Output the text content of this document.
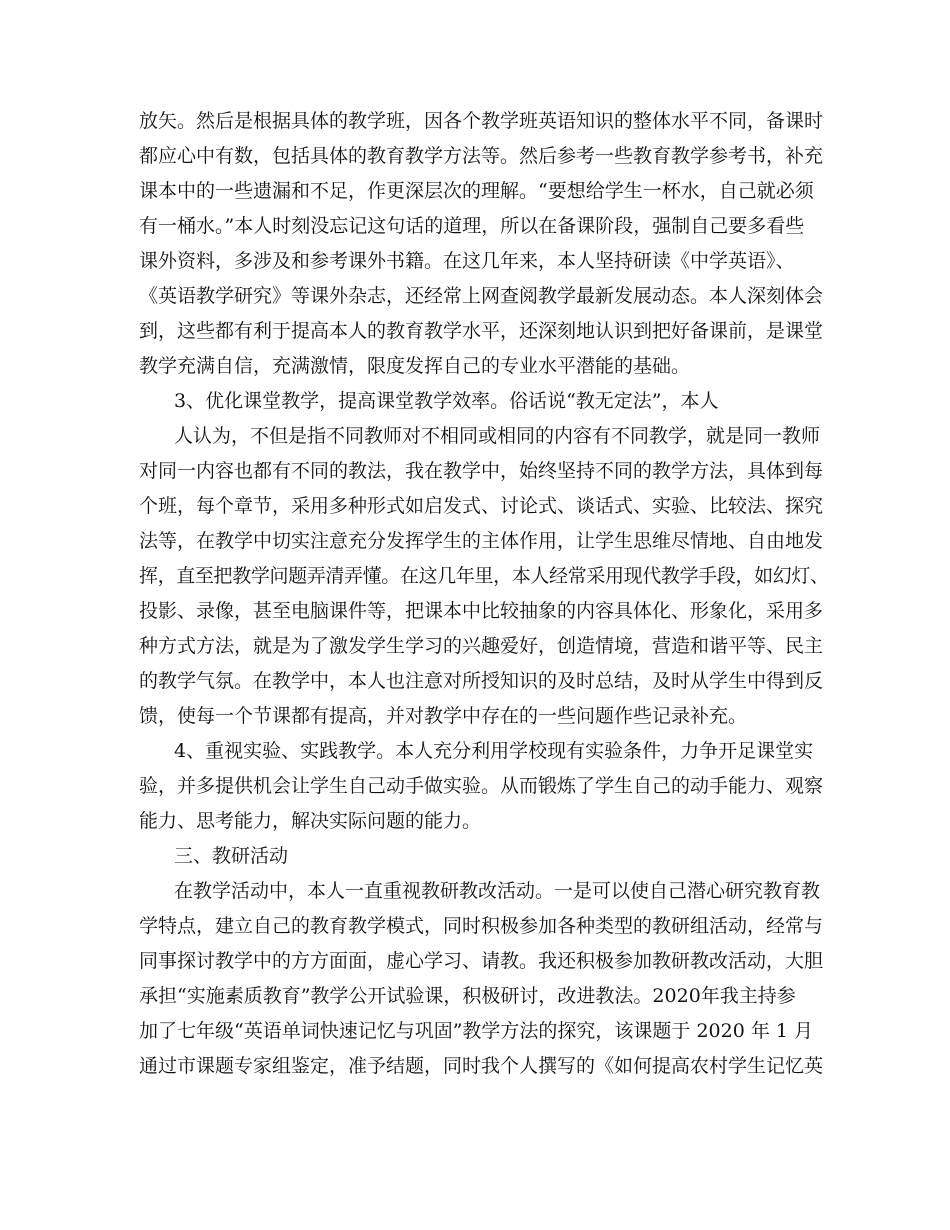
放矢。然后是根据具体的教学班，因各个教学班英语知识的整体水平不同，备课时
都应心中有数，包括具体的教育教学方法等。然后参考一些教育教学参考书，补充
课本中的一些遗漏和不足，作更深层次的理解。“要想给学生一杯水，自己就必须
有一桶水。”本人时刻没忘记这句话的道理，所以在备课阶段，强制自己要多看些
课外资料，多涉及和参考课外书籍。在这几年来，本人坚持研读《中学英语》、
《英语教学研究》等课外杂志，还经常上网查阅教学最新发展动态。本人深刻体会
到，这些都有利于提高本人的教育教学水平，还深刻地认识到把好备课前，是课堂
教学充满自信，充满激情，限度发挥自己的专业水平潜能的基础。
3、优化课堂教学，提高课堂教学效率。俗话说“教无定法”，本人
人认为，不但是指不同教师对不相同或相同的内容有不同教学，就是同一教师
对同一内容也都有不同的教法，我在教学中，始终坚持不同的教学方法，具体到每
个班，每个章节，采用多种形式如启发式、讨论式、谈话式、实验、比较法、探究
法等，在教学中切实注意充分发挥学生的主体作用，让学生思维尽情地、自由地发
挥，直至把教学问题弄清弄懂。在这几年里，本人经常采用现代教学手段，如幻灯、
投影、录像，甚至电脑课件等，把课本中比较抽象的内容具体化、形象化，采用多
种方式方法，就是为了激发学生学习的兴趣爱好，创造情境，营造和谐平等、民主
的教学气氛。在教学中，本人也注意对所授知识的及时总结，及时从学生中得到反
馈，使每一个节课都有提高，并对教学中存在的一些问题作些记录补充。
4、重视实验、实践教学。本人充分利用学校现有实验条件，力争开足课堂实
验，并多提供机会让学生自己动手做实验。从而锻炼了学生自己的动手能力、观察
能力、思考能力，解决实际问题的能力。
三、教研活动
在教学活动中，本人一直重视教研教改活动。一是可以使自己潜心研究教育教
学特点，建立自己的教育教学模式，同时积极参加各种类型的教研组活动，经常与
同事探讨教学中的方方面面，虚心学习、请教。我还积极参加教研教改活动，大胆
承担“实施素质教育”教学公开试验课，积极研讨，改进教法。2020年我主持参
加了七年级“英语单词快速记忆与巩固”教学方法的探究，该课题于 2020 年 1 月
通过市课题专家组鉴定，准予结题，同时我个人撰写的《如何提高农村学生记忆英
